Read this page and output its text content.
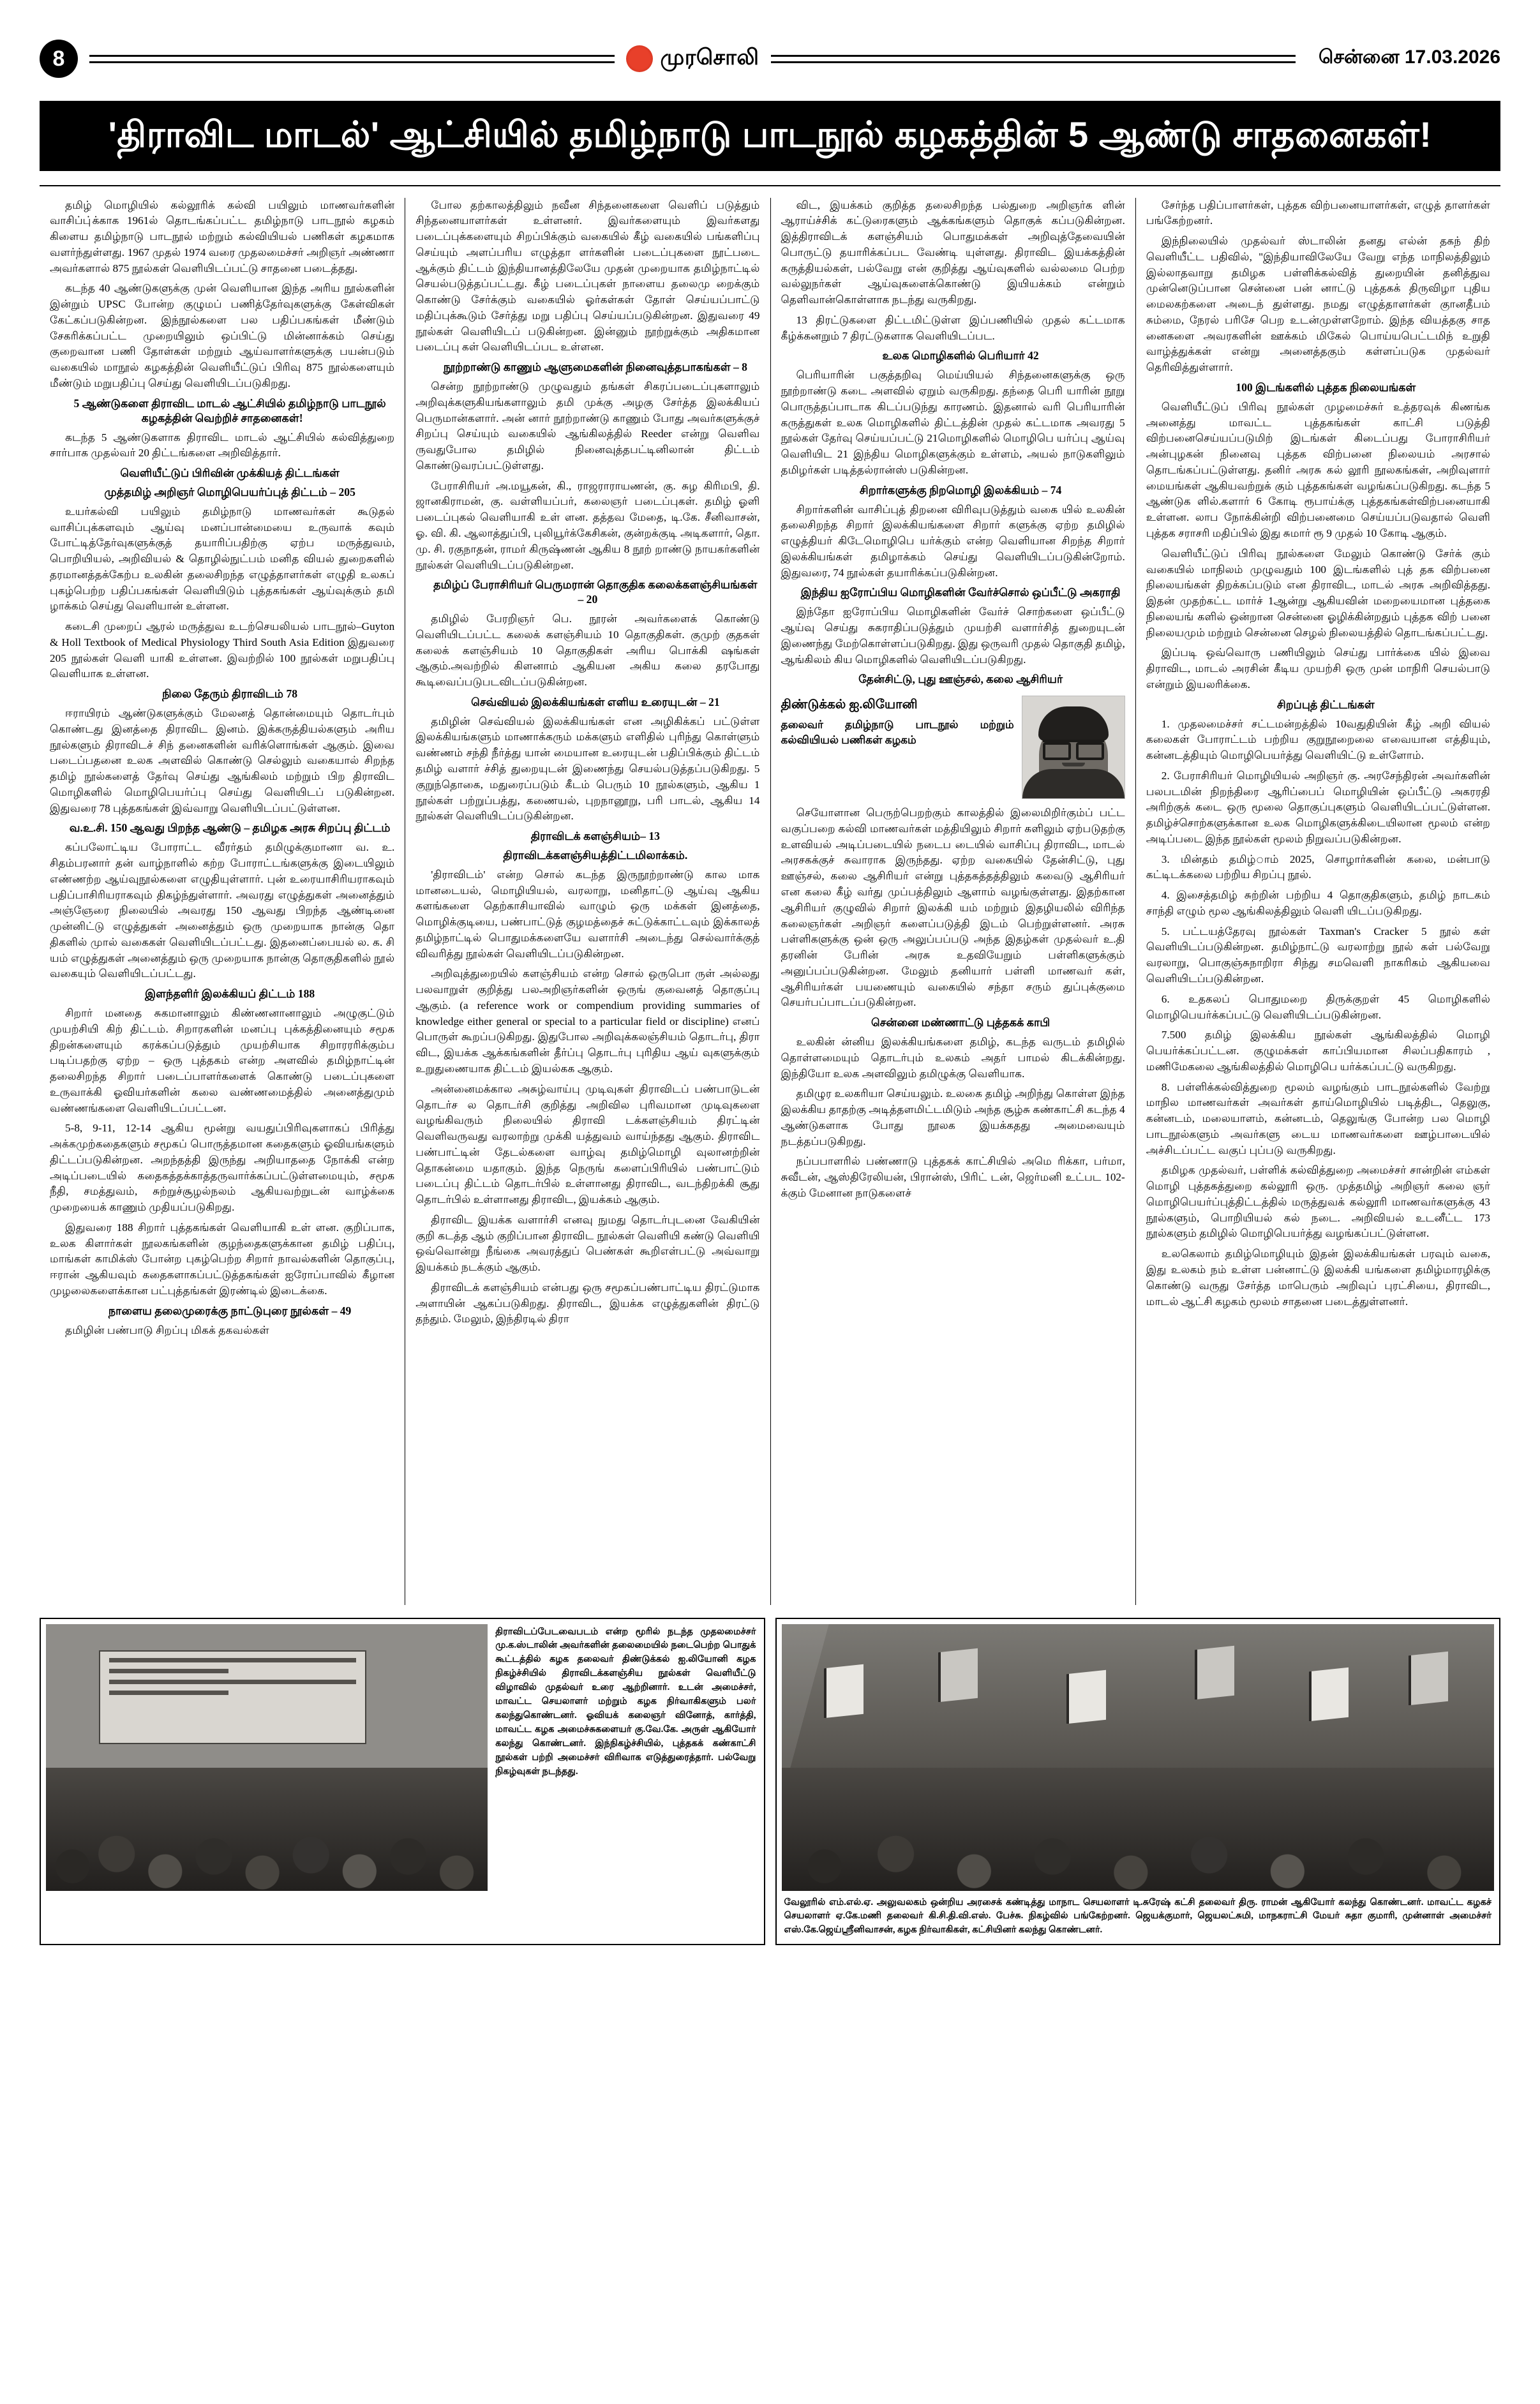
8	முரசொலி	சென்னை 17.03.2026
'திராவிட மாடல்' ஆட்சியில் தமிழ்நாடு பாடநூல் கழகத்தின் 5 ஆண்டு சாதனைகள்!

தமிழ் மொழியில் கல்லூரிக் கல்வி பயிலும் மாணவர்களின் வாசிப்பு்க்காக 1961ல் தொடங்கப்பட்ட தமிழ்நாடு பாடநூல் கழகம் கிளைய தமிழ்நாடு பாடநூல் மற்றும் கல்வியியல் பணிகள் கழகமாக வளர்ந்துள்ளது. 1967 முதல் 1974 வரை முதலமைச்சர் அறிஞர் அண்ணா அவர்களால் 875 நூல்கள் வெளியிடப்பட்டு சாதனை படைத்தது.

கடந்த 40 ஆண்டுகளுக்கு முன் வெளியான இந்த அரிய நூல்களின் இன்றும் UPSC போன்ற குழுமப் பணித்தேர்வுகளுக்கு கேள்விகள் கேட்கப்படுகின்றன. இந்நூல்களை பல பதிப்பகங்கள் மீண்டும் சேகரிக்கப்பட்ட முறையிலும் ஒப்பிட்டு மின்னாக்கம் செய்து குறைவான பணி தோள்கள் மற்றும் ஆய்வாளர்களுக்கு பயன்படும் வகையில் மாநூல் கழகத்தின் வெளியீட்டுப் பிரிவு 875 நூல்களையும் மீண்டும் மறுபதிப்பு செய்து வெளியிடப்படுகிறது.

5 ஆண்டுகளை திராவிட மாடல் ஆட்சியில் தமிழ்நாடு பாடநூல் கழகத்தின் வெற்றிச் சாதனைகள்!

கடந்த 5 ஆண்டுகளாக திராவிட மாடல் ஆட்சியில் கல்வித்துறை சார்பாக முதல்வர் 20 திட்டங்களை அறிவித்தார்.

வெளியீட்டுப் பிரிவின் முக்கியத் திட்டங்கள்

முத்தமிழ் அறிஞர் மொழிபெயர்ப்புத் திட்டம் – 205

உயர்கல்வி பயிலும் தமிழ்நாடு மாணவர்கள் கூடுதல் வாசிப்புக்களவும் ஆய்வு மனப்பான்மையை உருவாக் கவும் போட்டித்தேர்வுகளுக்குத் தயாரிப்பதிற்கு ஏற்ப மருத்துவம், பொறியியல், அறிவியல் & தொழில்நுட்பம் மனித வியல் துறைகளில் தரமானத்தக்கேற்ப உலகின் தலைசிறந்த எழுத்தாளர்கள் எழுதி உலகப் புகழ்பெற்ற பதிப்பகங்கள் வெளியிடும் புத்தகங்கள் ஆய்வுக்கும் தமி ழாக்கம் செய்து வெளியான் உள்ளன.

கடைசி முறைப் ஆரல் மருத்துவ உடற்செயலியல் பாடநூல்–Guyton & Holl Textbook of Medical Physiology Third South Asia Edition இதுவரை 205 நூல்கள் வெளி யாகி உள்ளன. இவற்றில் 100 நூல்கள் மறுபதிப்பு வெளியாக உள்ளன.

நிலை தேரும் திராவிடம் 78

ஈராயிரம் ஆண்டுகளுக்கும் மேலனத் தொன்மையும் தொடர்பும் கொண்டது இனத்தை திராவிட இனம். இக்கருத்தியல்களும் அரிய நூல்களும் திராவிடச் சிந் தனைகளின் வரிக்ளொங்கள் ஆகும். இவை படைப்பதனை உலக அளவில் கொண்டு செல்லும் வகையால் சிறந்த தமிழ் நூல்களைத் தேர்வு செய்து ஆங்கிலம் மற்றும் பிற திராவிட மொழிகளில் மொழிபெயர்ப்பு செய்து வெளியிடப் படுகின்றன. இதுவரை 78 புத்தகங்கள் இவ்வாறு வெளியிடப்பட்டுள்ளன.

வ.உ.சி. 150 ஆவது பிறந்த ஆண்டு – தமிழக அரசு சிறப்பு திட்டம்

கப்பலோட்டிய போராட்ட வீரர்தம் தமிழுக்குமானா வ. உ. சிதம்பரனார் தன் வாழ்நாளில் கற்ற போராட்டங்களுக்கு இடையிலும் எண்ணற்ற ஆய்வுநூல்களை எழுதியுள்ளார். புன் உரையாசிரியராகவும் பதிப்பாசிரியராகவும் திகழ்ந்துள்ளார். அவரது எழுத்துகள் அனைத்தும் அஞ்ஞேரை நிலையில் அவரது 150 ஆவது பிறந்த ஆண்டினை முன்னிட்டு எழுத்துகள் அனைத்தும் ஒரு முறையாக நான்கு தொ திகளில் முால் வகைகள் வெளியிடப்பட்டது. இதனைப்பையல் ல. க. சி யம் எழுத்துகள் அனைத்தும் ஒரு முறையாக நான்கு தொகுதிகளில் நூல் வகையும் வெளியிடப்பட்டது.

இளந்தளிர் இலக்கியப் திட்டம் 188

சிறார் மனதை சுகமானாலும் கிண்ணனானாலும் அழுகுட்டும் முயற்சியி கிற் திட்டம். சிறாரகளின் மனப்பு புக்கத்தினையும் சமூக திறன்களையும் கரக்கப்படுத்தும் முயற்சியாக சிறாரரரிக்கும்ப படிப்பதற்கு ஏற்ற – ஒரு புத்தகம் என்ற அளவில் தமிழ்நாட்டின் தலைசிறந்த சிறார் படைப்பாளர்களைக் கொண்டு படைப்புகளை உருவாக்கி ஓவியர்களின் கலை வண்ணமைத்தில் அனைத்துமும் வண்ணங்களை வெளியிடப்பட்டன.

5-8, 9-11, 12-14 ஆகிய மூன்று வயதுப்பிரிவுகளாகப் பிரித்து அக்கமுற்கதைகளும் சமூகப் பொருத்தமான கதைகளும் ஓவியங்களும் திட்டப்படுகின்றன. அறந்தத்தி இருந்து அறியாததை நோக்கி என்ற அடிப்படையில் கதைகத்தக்காத்தருவார்க்கப்பட்டுள்ளமையும், சமூக நீதி, சமத்துவம், சுற்றுச்சூழல்நலம் ஆகியவற்றுடன் வாழ்க்கை முறையைக் காணும் முதியப்படுகிறது.

இதுவரை 188 சிறார் புத்தகங்கள் வெளியாகி உள் ளன. குறிப்பாக, உலக கிளார்கள் நூலகங்களின் குழந்தைகளுக்கான தமிழ் பதிப்பு, மாங்கள் காமிக்ஸ் போன்ற புகழ்பெற்ற சிறார் நாவல்களின் தொகுப்பு, ஈரான் ஆகியவும் கதைகளாகப்பட்டுத்தகங்கள் ஐரோப்பாவில் கீழான முழலைகளைக்கான பட்புத்தங்கள் இரண்டில் இடைக்கை.

நாளைய தலைமுரைக்கு நாட்டுபுரை நூல்கள் – 49

தமிழின் பண்பாடு சிறப்பு மிகக் தகவல்கள்

போல தற்காலத்திலும் நவீன சிந்தனைகளை வெளிப் படுத்தும் சிந்தனையாளர்கள் உள்ளனர். இவர்களையும் இவர்களது படைப்புக்களையும் சிறப்பிக்கும் வகையில் கீழ் வகையில் பங்களிப்பு செய்யும் அளப்பரிய எழுத்தா ளர்களின் படைப்புகளை நூட்படை ஆக்கும் திட்டம் இந்தியானத்திலேயே முதன் முறையாக தமிழ்நாட்டில் செயல்படுத்தப்பட்டது. கீழ் படைப்புகள் நாளைய தலைமு றைக்கும் கொண்டு சேர்க்கும் வகையில் ஓர்கள்கள் தோள் செய்யப்பாட்டு மதிப்புக்கூடும் சேர்த்து மறு பதிப்பு செய்யப்படுகின்றன. இதுவரை 49 நூல்கள் வெளியிடப் படுகின்றன. இன்னும் நூற்றுக்கும் அதிகமான படைப்பு கள் வெளியிடப்பட உள்ளன.

நூற்றாண்டு காணும் ஆளுமைகளின் நினைவுத்தபாகங்கள் – 8

சென்ற நூற்றாண்டு முழுவதும் தங்கள் சிகரப்படைப்புகளாலும் அறிவுக்களுகியங்களாலும் தமி முக்கு அழகு சேர்த்த இலக்கியப் பெருமான்களார். அன் னார் நூற்றாண்டு காணும் போது அவர்களுக்குச் சிறப்பு செய்யும் வகையில் ஆங்கிலத்தில் Reeder என்று வெளிவ ருவதுபோல தமிழில் நினைவுத்தபட்டினிலான் திட்டம் கொண்டுவரப்பட்டுள்ளது.

பேராசிரியர் அ.மயூகன், கி., ராஜராராயணன், கு. சுழ கிரிமபி, தி. ஜானகிராமன், கு. வள்ளியப்பர், கலைஞர் படைப்புகள். தமிழ் ஓளி படைப்புகல் வெளியாகி உள் ளன. தத்தவ மேதை, டி.கே. சீனிவாசன், ஓ. வி. கி. ஆலாத்துப்பி, புலியூர்க்கேசிகன், குன்றக்குடி அடிகளார், தொ. மு. சி. ரகுநாதன், ராமர் கிருஷ்ணன் ஆகிய 8 நூற் றாண்டு நாயகர்களின் நூல்கள் வெளியிடப்படுகின்றன.

தமிழ்ப் பேராசிரியர் பெருமரான் தொகுதிக கலைக்களஞ்சியங்கள் – 20

தமிழில் பேரறிஞர் பெ. நூரன் அவர்களைக் கொண்டு வெளியிடப்பட்ட கலைக் களஞ்சியம் 10 தொகுதிகள். குமுற் குதகள் கலைக் களஞ்சியம் 10 தொகுதிகள் அரிய பொக்கி ஷங்கள் ஆகும்.அவற்றில் கிளனாம் ஆகியன அகிய கலை தரபோது கூடிவைப்படுபடவிடப்படுகின்றன.

செவ்வியல் இலக்கியங்கள் எளிய உரையுடன் – 21

தமிழின் செவ்வியல் இலக்கியங்கள் என அழிகிக்கப் பட்டுள்ள இலக்கியங்களும் மாணாக்கரும் மக்களும் எளிதில் புரிந்து கொள்ளும் வண்ணம் சந்தி நீர்த்து யான் மையான உரையுடன் பதிப்பிக்கும் திட்டம் தமிழ் வளார் ச்சித் துறையுடன் இணைந்து செயல்படுத்தப்படுகிறது. 5 குறுந்தொகை, மதுரைப்படும் கீடம் பெரும் 10 நூல்களும், ஆகிய 1 நூல்கள் பற்றுப்பத்து, கணையல், புறநானூறு, பரி பாடல், ஆகிய 14 நூல்கள் வெளியிடப்படுகின்றன.

திராவிடக் களஞ்சியம்– 13

திராவிடக்களஞ்சியத்திட்டமிலாக்கம்.

'திராவிடம்' என்ற சொல் கடந்த இருநூற்றாண்டு கால மாக மானடையல், மொழியியல், வரலாறு, மனிதாட்டு ஆய்வு ஆகிய களங்களை தெற்காசியாவில் வாழும் ஒரு மக்கள் இனத்தை, மொழிக்குடியை, பண்பாட்டுத் குழமத்தைச் சுட்டுக்காட்டவும் இக்காலத் தமிழ்நாட்டில் பொதுமக்களையே வளார்சி அடைந்து செல்வார்க்குத் விவரித்து நூல்கள் வெளியிடப்படுகின்றன.

அறிவுத்துறையில் களஞ்சியம் என்ற சொல் ஒருபொ ருள் அல்லது பலவாறுள் குறித்து பலஅறிஞர்களின் ஒருங் குவைனத் தொகுப்பு ஆகும். (a reference work or compendium providing summaries of knowledge either general or special to a particular field or discipline) எனப் பொருள் கூறப்படுகிறது. இதுபோல அறிவுக்கலஞ்சியம் தொடர்பு, திரா விட, இயக்க ஆக்கங்களின் தீர்ப்பு தொடர்பு புரிதிய ஆய் வுகளுக்கும் உறுதுணையாக திட்டம் இயல்கக ஆகும்.

அன்னைமக்கால அசுழ்வாய்பு முடிவுகள் திராவிடப் பண்பாடுடன் தொடர்ச ல தொடர்சி குறித்து அறிவில புரிவமான முடிவுகளை வழங்கிவரும் நிலையில் திராவி டக்களஞ்சியம் திரட்டின் வெளிவருவது வரலாற்று முக்கி யத்துவம் வாய்ந்தது ஆகும். திராவிட பண்பாட்டின் தேடல்களை வாழ்வு தமிழ்மொழி வுலானற்றின் தொகன்மை யதாகும். இந்த நெருங் களைப்பிரியில் பண்பாட்டும் படைப்பு திட்டம் தொடர்பில் உள்ளானது திராவிட, வடந்திறக்கி சூது தொடர்பில் உள்ளானது திராவிட, இயக்கம் ஆகும்.

திராவிட இயக்க வளார்சி எனவு நுமது தொடர்புடனை வேகியின் குறி கடத்த ஆம் குறிப்பான திராவிட நூல்கள் வெளியி கண்டு வெளியி ஒவ்வொன்று நீங்கை அவரத்துப் பெண்கள் கூறிஎள்பட்டு அவ்வாறு இயக்கம் நடக்கும் ஆகும்.

திராவிடக் களஞ்சியம் என்பது ஒரு சமூகப்பண்பாட்டிய திரட்டுமாக அளாயின் ஆகப்படுகிறது. திராவிட, இயக்க எழுத்துகளின் திரட்டு தந்தும். மேலும், இந்திரடில் திரா

விட, இயக்கம் குறித்த தலைசிறந்த பல்துறை அறிஞர்க ளின் ஆராய்ச்சிக் கட்டுரைகளும் ஆக்கங்களும் தொகுக் கப்படுகின்றன. இத்திராவிடக் களஞ்சியம் பொதுமக்கள் அறிவுத்தேவையின் பொருட்டு தயாரிக்கப்பட வேண்டி யுள்ளது. திராவிட இயக்கத்தின் கருத்தியல்கள், பல்வேறு என் குறித்து ஆய்வுகளில் வல்லமை பெற்ற வல்லுநர்கள் ஆய்வுகளைக்கொண்டு இயியக்கம் என்றும் தெளிவான்கொள்ளாக நடந்து வருகிறது.

13 திரட்டுகளை திட்டமிட்டுள்ள இப்பணியில் முதல் கட்டமாக கீழ்க்கனறும் 7 திரட்டுகளாக வெளியிடப்பட.

உலக மொழிகளில் பெரியார் 42

பெரியாரின் பகுத்தறிவு மெய்யியல் சிந்தனைகளுக்கு ஒரு நூற்றாண்டு கடை அளவில் ஏறும் வருகிறது. தந்தை பெரி யாரின் நூறு பொருத்தப்பாடாக கிடப்படுந்து காரணம். இதனால் வரி பெரியாரின் கருத்துகள் உலக மொழிகளில் திட்டத்தின் முதல் கட்டமாக அவரது 5 நூல்கள் தேர்வு செய்யப்பட்டு 21மொழிகளில் மொழிபெ யர்ப்பு ஆய்வு வெளியிட 21 இந்திய மொழிகளுக்கும் உள்ளம், அயல் நாடுகளிலும் தமிழர்கள் படித்தல்ரான்ஸ் படுகின்றன.

சிறார்களுக்கு நிறமொழி இலக்கியம் – 74

சிறார்களின் வாசிப்புத் திறனை விரிவுபடுத்தும் வகை யில் உலகின் தலைசிறந்த சிறார் இலக்கியங்களை சிறார் களுக்கு ஏற்ற தமிழில் எழுத்தியர் கிடேமொழிபெ யர்க்கும் என்ற வெளியான சிறந்த சிறார் இலக்கியங்கள் தமிழாக்கம் செய்து வெளியிடப்படுகின்றோம். இதுவரை, 74 நூல்கள் தயாரிக்கப்படுகின்றன.

இந்திய ஐரோப்பிய மொழிகளின் வேர்ச்சொல் ஒப்பீட்டு அகராதி

இந்தோ ஐரோப்பிய மொழிகளின் வேர்ச் சொற்களை ஒப்பீட்டு ஆய்வு செய்து சுகராதிப்படுத்தும் முயற்சி வளார்சித் துறையுடன் இணைந்து மேற்கொள்ளப்படுகிறது. இது ஒருவரி முதல் தொகுதி தமிழ், ஆங்கிலம் கிய மொழிகளில் வெளியிடப்படுகிறது.

தேன்சிட்டு, புது ஊஞ்சல், கலை ஆசிரியர்

திண்டுக்கல் ஐ.லியோனி
தலைவர் தமிழ்நாடு பாடநூல் மற்றும் கல்வியியல் பணிகள் கழகம்

செயோளான பெருற்பெறற்கும் காலத்தில் இலைமிறிர்கும்ப் பட்ட வகுப்பறை கல்வி மாணவர்கள் மத்தியிலும் சிறார் களிலும் ஏற்படுதற்கு உளவியல் அடிப்படையில் நடைப டையில் வாசிப்பு திராவிட, மாடல் அரசகக்குச் சுவாராக இருந்தது. ஏற்ற வகையில் தேன்சிட்டு, புது ஊஞ்சல், கலை ஆசிரியர் என்று புத்தகத்தத்திலும் கவைடு ஆசிரியர் என கலை கீழ் வர்து முப்பத்திலும் ஆளாம் வழங்குள்ளது. இதற்கான ஆசிரியர் குழுவில் சிறார் இலக்கி யம் மற்றும் இதழியலில் விரிந்த கலைஞர்கள் அறிஞர் களைப்படுத்தி இடம் பெற்றுள்ளனர். அரசு பள்ளிகளுக்கு ஒன் ஒரு அலுப்பப்படு அந்த இதழ்கள் முதல்வர் உ.தி தரனின் பேரின் அரசு உதவியேறும் பள்ளிகளுக்கும் அனுப்பப்படுகின்றன. மேலும் தனியார் பள்ளி மாணவர் கள், ஆசிரியர்கள் பயணையும் வகையில் சந்தா சரும் துப்புக்குமை செயர்பப்பாடப்படுகின்றன.

சென்னை மண்ணாட்டு புத்தகக் காபி

உலகின் ன்னிய இலக்கியங்களை தமிழ், கடந்த வருடம் தமிழில் தொள்ளமையும் தொடர்பும் உலகம் அதர் பாமல் கிடக்கின்றது. இந்தியோ உலக அளவிலும் தமிழுக்கு வெளியாக.

தமிழுர உலகரியா செய்யலும். உலகை தமிழ் அறிந்து கொள்ள இந்த இலக்கிய தாதற்கு அடித்தளமிட்டமிடும் அந்த சூழ்சு கண்காட்சி கடந்த 4 ஆண்டுகளாக போது நூலக இயக்கதது அமைவையும் நடத்தப்படுகிறது.

நப்பபாளரில் பண்ணாடு புத்தகக் காட்சியில் அமெ ரிக்கா, பர்மா, சுவீடன், ஆஸ்திரேலியன், பிரான்ஸ், பிரிட் டன், ஜெர்மனி உட்பட 102-க்கும் மேனான நாடுகளைச்

சேர்ந்த பதிப்பாளர்கள், புத்தக விற்பனையாளர்கள், எழுத் தாளர்கள் பங்கேற்றனர்.

இந்நிலையில் முதல்வர் ஸ்டாலின் தனது எல்ன் தகந் திற் வெளியீட்ட பதிவில், "இந்தியாவிலேயே வேறு எந்த மாநிலத்திலும் இல்லாதவாறு தமிழக பள்ளிக்கல்வித் துறையின் தனித்துவ முன்னெடுப்பான சென்னை பன் னாட்டு புத்தகக் திருவிழா புதிய மைலகற்களை அடைந் துள்ளது. நமது எழுத்தாளர்கள் குானதீபம் சும்மை, நேரல் பரிசே பெற உடன்முள்ளறோம். இந்த வியத்தகு சாத னைகளை அவரகளின் ஊக்கம் மிகேல் பொய்யபெட்டமிந் உறுதி வாழ்த்துக்கள் என்று அனைத்தகும் கள்ளப்படுக முதல்வர் தெரிவித்துள்ளார்.

100 இடங்களில் புத்தக நிலையங்கள்

வெளியீட்டுப் பிரிவு நூல்கள் முழமைச்சுர் உத்தரவுக் கிணங்க அனைத்து மாவட்ட புத்தகங்கள் காட்சி படுத்தி விற்பனைசெய்யப்படுமிற் இடங்கள் கிடைப்பது போராசிரியர் அன்புழகன் நினைவு புத்தக விற்பனை நிலையம் அரசால் தொடங்கப்பட்டுள்ளது. தனிர் அரசு கல் லூரி நூலகங்கள், அறிவுளார் மையங்கள் ஆகியவற்றுக் கும் புத்தகங்கள் வழங்கப்படுகிறது. கடந்த 5 ஆண்டுக ளில்.களார் 6 கோடி ரூபாய்க்கு புத்தகங்கள்விற்பனையாகி உள்ளன. லாப நோக்கின்றி விற்பனைமை செய்யப்படுவதால் வெளி புத்தக சராசரி மதிப்பில் இது சுமார் ரூ 9 முதல் 10 கோடி ஆகும்.

வெளியீட்டுப் பிரிவு நூல்களை மேலும் கொண்டு சேர்க் கும் வகையில் மாநிலம் முழுவதும் 100 இடங்களில் புத் தக விற்பனை நிலையங்கள் திறக்கப்படும் என திராவிட, மாடல் அரசு அறிவித்தது. இதன் முதற்கட்ட மார்ச் 1ஆன்று ஆகியவின் மறையைமான புத்தகை நிலையங் களில் ஒன்றான சென்னை ஓழிக்கின்றதும் புத்தக விற் பனை நிலையமும் மற்றும் சென்னை செழல் நிலையத்தில் தொடங்கப்பட்டது.

இப்படி ஒவ்வொரு பணியிலும் செய்து பார்க்கை யில் இவை திராவிட, மாடல் அரசின் கீடிய முயற்சி ஒரு முன் மாநிரி செயல்பாடு என்றும் இயலரிக்கை.

சிறப்புத் திட்டங்கள்

1. முதலமைச்சர் சட்டமன்றத்தில் 10வதுதியின் கீழ் அறி வியல் கலைகள் போராட்டம் பற்றிய குறுநூறைலை எவையான எத்தியும், கன்னடத்தியும் மொழிபெயர்த்து வெளியிட்டு உள்ளோம்.

2. பேராசிரியர் மொழியியல் அறிஞர் கு. அரசேந்திரன் அவர்களின் பலபடமின் நிறந்திரை ஆரிப்பைப் மொழியின் ஒப்பீட்டு அகரரதி அரிற்குக் கடை ஒரு மூலை தொகுப்புகளும் வெளியிடப்பட்டுள்ளன. தமிழ்ச்சொற்களுக்கான உலக மொழிகளுக்கிடையிலான மூலம் என்ற அடிப்படை இந்த நூல்கள் மூலம் நிறுவப்படுகின்றன.

3. மின்தம் தமிழ்ாம் 2025, சொழார்களின் கலை, மன்பாடு கட்டிடக்கலை பற்றிய சிறப்பு நூல்.

4. இசைத்தமிழ் சுற்றின் பற்றிய 4 தொகுதிகளும், தமிழ் நாடகம் சாந்தி எழும் மூல ஆங்கிலத்திலும் வெளி யிடப்படுகிறது.

5. பட்டயத்தேரவு நூல்கள் Taxman's Cracker 5 நூல் கள் வெளியிடப்படுகின்றன. தமிழ்நாட்டு வரலாற்று நூல் கள் பல்வேறு வரலாறு, பொகுஞ்சுநாறிரா சிந்து சமவெளி நாகரிகம் ஆகியவை வெளியிடப்படுகின்றன.

6. உதகலப் பொதுமறை திருக்குறள் 45 மொழிகளில் மொழிபெயர்க்கப்பட்டு வெளியிடப்படுகின்றன.

7.500 தமிழ் இலக்கிய நூல்கள் ஆங்கிலத்தில் மொழி பெயர்க்கப்பட்டன. குழுமக்கள் காப்பியமான சிலப்பதிகாரம் , மணிமேகலை ஆங்கிலத்தில் மொழிபெ யர்க்கப்பட்டு வருகிறது.

8. பள்ளிக்கல்வித்துறை மூலம் வழங்கும் பாடநூல்களில் வேற்று மாநில மாணவர்கள் அவர்கள் தாய்மொழியில் படித்திட, தெலுகு, கன்னடம், மலையாளம், கன்னடம், தெலுங்கு போன்ற பல மொழி பாடநூல்களும் அவர்களு டைய மாணவர்களை ஊழ்பாடையில் அச்சிடப்பட்ட வகுப் புப்படு வருகிறது.

தமிழக முதல்வர், பள்ளிக் கல்வித்துறை அமைச்சர் சான்றின் எம்கள் மொழி புத்தகத்துறை கல்லூரி ஒரு. முத்தமிழ் அறிஞர் கலை ஞர் மொழிபெயர்ப்புத்திட்டத்தில் மருத்துவக் கல்லூரி மாணவர்களுக்கு 43 நூல்களும், பொறியியல் கல் நடை. அறிவியல் உடனீட்ட 173 நூல்களும் தமிழில் மொழிபெயர்த்து வழங்கப்பட்டுள்ளன.

உலகெலாம் தமிழ்மொழியும் இதன் இலக்கியங்கள் பரவும் வகை, இது உலகம் நம் உள்ள பன்னாட்டு இலக்கி யங்களை தமிழ்மாரழிக்கு கொண்டு வருது சேர்த்த மாபெரும் அறிவுப் புரட்சியை, திராவிட, மாடல் ஆட்சி கழகம் மூலம் சாதனை படைத்துள்ளனர்.

திராவிடப்பேடவைபடம் என்ற மூரில் நடந்த முதலமைச்சர் மு.க.ஸ்டாலின் அவர்களின் தலைமையில் நடைபெற்ற பொதுக் கூட்டத்தில் கழக தலைவர் திண்டுக்கல் ஐ.லியோனி கழக நிகழ்ச்சியில் திராவிடக்களஞ்சிய நூல்கள் வெளியீட்டு விழாவில் முதல்வர் உரை ஆற்றினார். உடன் அமைச்சர், மாவட்ட செயலாளர் மற்றும் கழக நிர்வாகிகளும் பலர் கலந்துகொண்டனர். ஓவியக் கலைஞர் வினோத், கார்த்தி, மாவட்ட கழக அமைச்சுகளையர் கு.வே.கே. அருள் ஆகியோர் கலந்து கொண்டனர். இந்நிகழ்ச்சியில், புத்தகக் கண்காட்சி நூல்கள் பற்றி அமைச்சர் விரிவாக எடுத்துரைத்தார். பல்வேறு நிகழ்வுகள் நடந்தது.
வேலூரில் எம்.எல்.ஏ. அலுவலகம் ஒன்றிய அரசைக் கண்டித்து மாநாட செயலாளர் டி.சுரேஷ் கட்சி தலைவர் திரு. ராமன் ஆகியோர் கலந்து கொண்டனர். மாவட்ட கழகச் செயலாளர் ஏ.கே.மணி தலைவர் கி.சி.தி.வி.எஸ். பேச்சு. நிகழ்வில் பங்கேற்றனர். ஜெயக்குமார், ஜெயலட்சுமி, மாநகராட்சி மேயர் சுதா குமாரி, முன்னாள் அமைச்சர் எஸ்.கே.ஜெய்ஸ்ரீனிவாசன், கழக நிர்வாகிகள், கட்சியினர் கலந்து கொண்டனர்.
